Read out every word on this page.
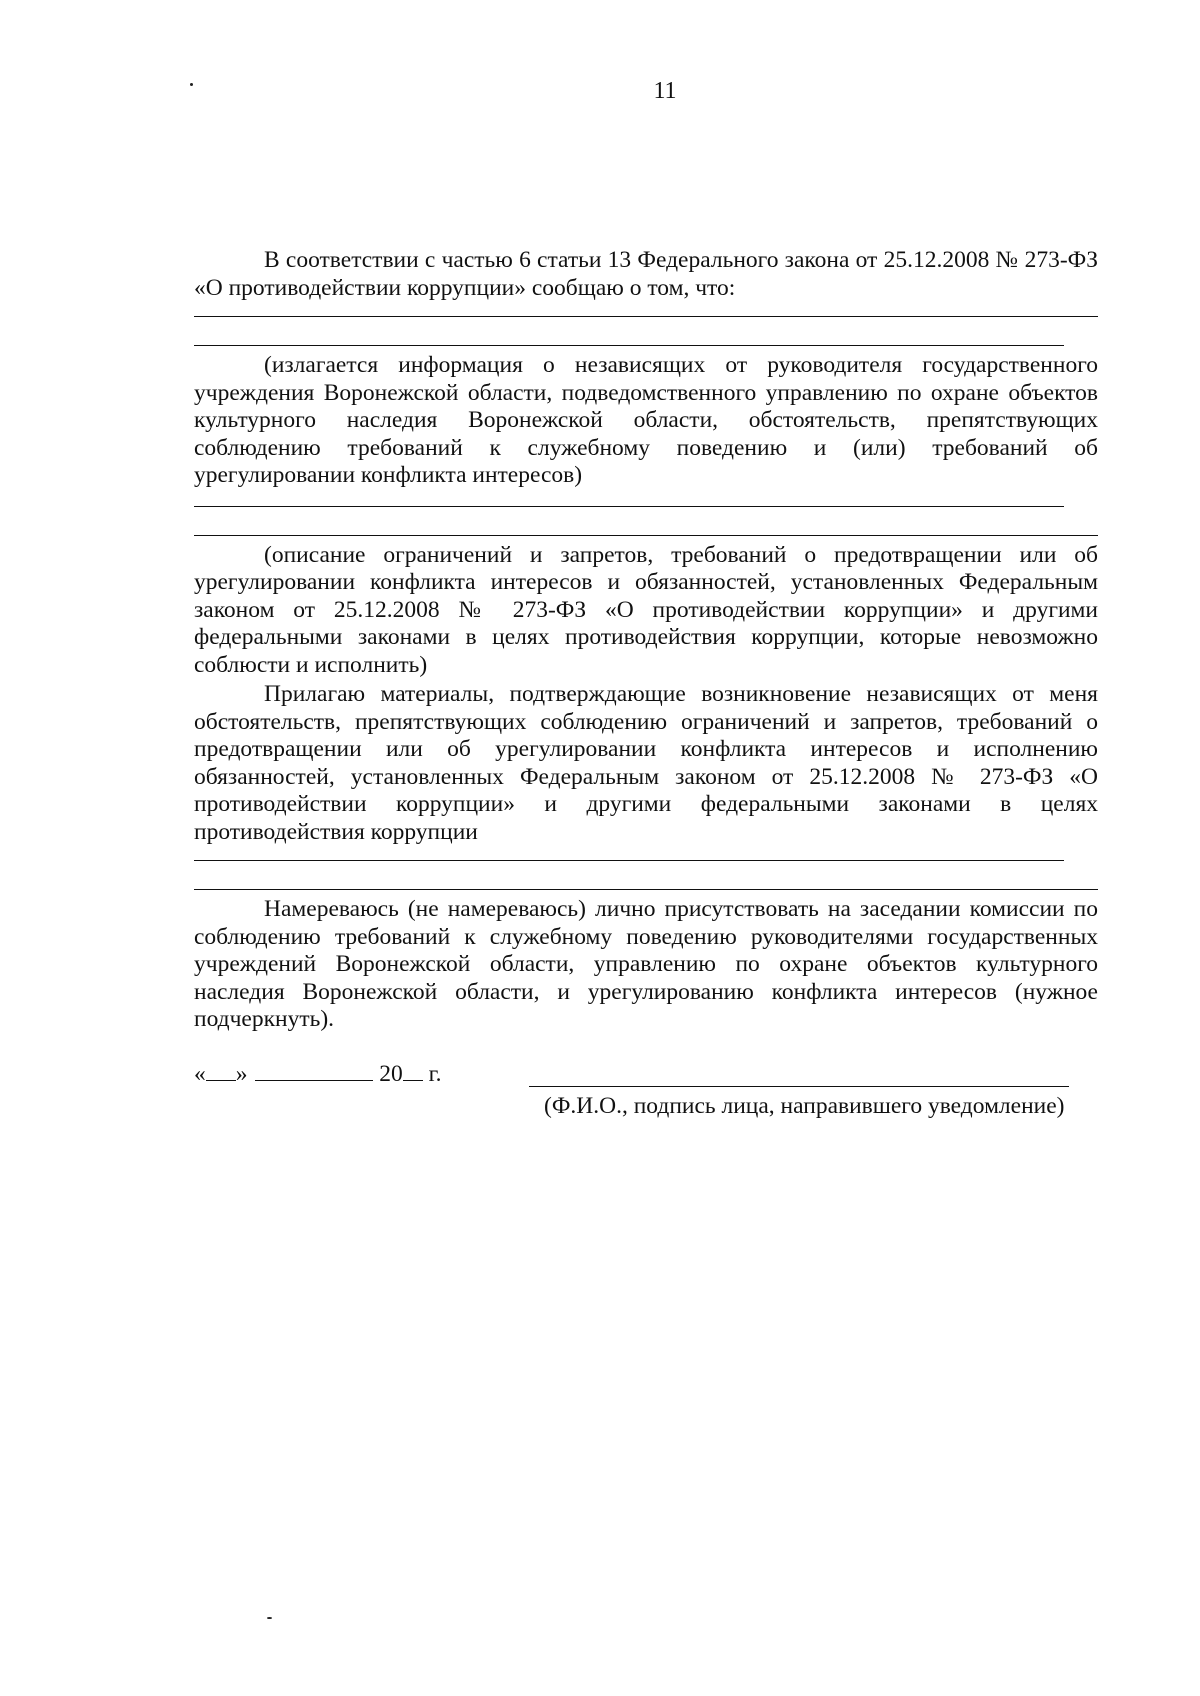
11

В соответствии с частью 6 статьи 13 Федерального закона от 25.12.2008 № 273-ФЗ «О противодействии коррупции» сообщаю о том, что:

(излагается информация о независящих от руководителя государственного учреждения Воронежской области, подведомственного управлению по охране объектов культурного наследия Воронежской области, обстоятельств, препятствующих соблюдению требований к служебному поведению и (или) требований об урегулировании конфликта интересов)

(описание ограничений и запретов, требований о предотвращении или об урегулировании конфликта интересов и обязанностей, установленных Федеральным законом от 25.12.2008 № 273-ФЗ «О противодействии коррупции» и другими федеральными законами в целях противодействия коррупции, которые невозможно соблюсти и исполнить)

Прилагаю материалы, подтверждающие возникновение независящих от меня обстоятельств, препятствующих соблюдению ограничений и запретов, требований о предотвращении или об урегулировании конфликта интересов и исполнению обязанностей, установленных Федеральным законом от 25.12.2008 № 273-ФЗ «О противодействии коррупции» и другими федеральными законами в целях противодействия коррупции

Намереваюсь (не намереваюсь) лично присутствовать на заседании комиссии по соблюдению требований к служебному поведению руководителями государственных учреждений Воронежской области, управлению по охране объектов культурного наследия Воронежской области, и урегулированию конфликта интересов (нужное подчеркнуть).

« »	20 г.
(Ф.И.О., подпись лица, направившего уведомление)
